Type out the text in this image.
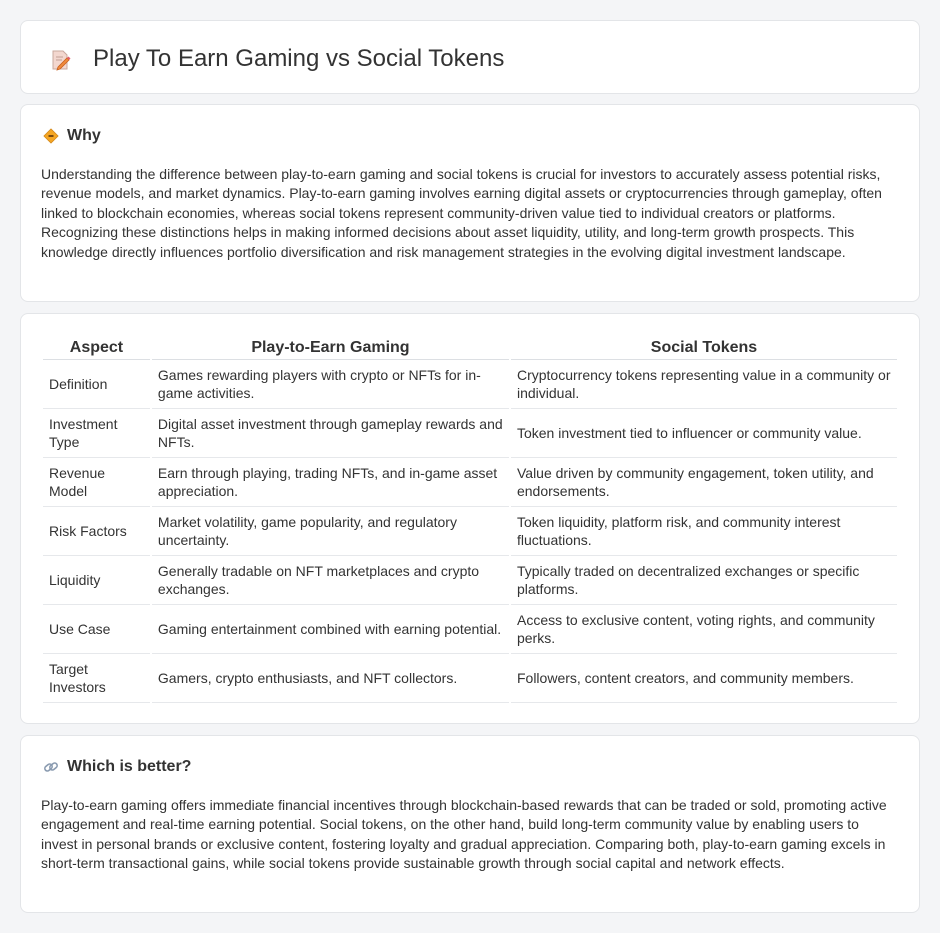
Play To Earn Gaming vs Social Tokens
Why

Understanding the difference between play-to-earn gaming and social tokens is crucial for investors to accurately assess potential risks, revenue models, and market dynamics. Play-to-earn gaming involves earning digital assets or cryptocurrencies through gameplay, often linked to blockchain economies, whereas social tokens represent community-driven value tied to individual creators or platforms. Recognizing these distinctions helps in making informed decisions about asset liquidity, utility, and long-term growth prospects. This knowledge directly influences portfolio diversification and risk management strategies in the evolving digital investment landscape.

Aspect	Play-to-Earn Gaming	Social Tokens
Definition	Games rewarding players with crypto or NFTs for in-game activities.	Cryptocurrency tokens representing value in a community or individual.
Investment Type	Digital asset investment through gameplay rewards and NFTs.	Token investment tied to influencer or community value.
Revenue Model	Earn through playing, trading NFTs, and in-game asset appreciation.	Value driven by community engagement, token utility, and endorsements.
Risk Factors	Market volatility, game popularity, and regulatory uncertainty.	Token liquidity, platform risk, and community interest fluctuations.
Liquidity	Generally tradable on NFT marketplaces and crypto exchanges.	Typically traded on decentralized exchanges or specific platforms.
Use Case	Gaming entertainment combined with earning potential.	Access to exclusive content, voting rights, and community perks.
Target Investors	Gamers, crypto enthusiasts, and NFT collectors.	Followers, content creators, and community members.
Which is better?

Play-to-earn gaming offers immediate financial incentives through blockchain-based rewards that can be traded or sold, promoting active engagement and real-time earning potential. Social tokens, on the other hand, build long-term community value by enabling users to invest in personal brands or exclusive content, fostering loyalty and gradual appreciation. Comparing both, play-to-earn gaming excels in short-term transactional gains, while social tokens provide sustainable growth through social capital and network effects.
